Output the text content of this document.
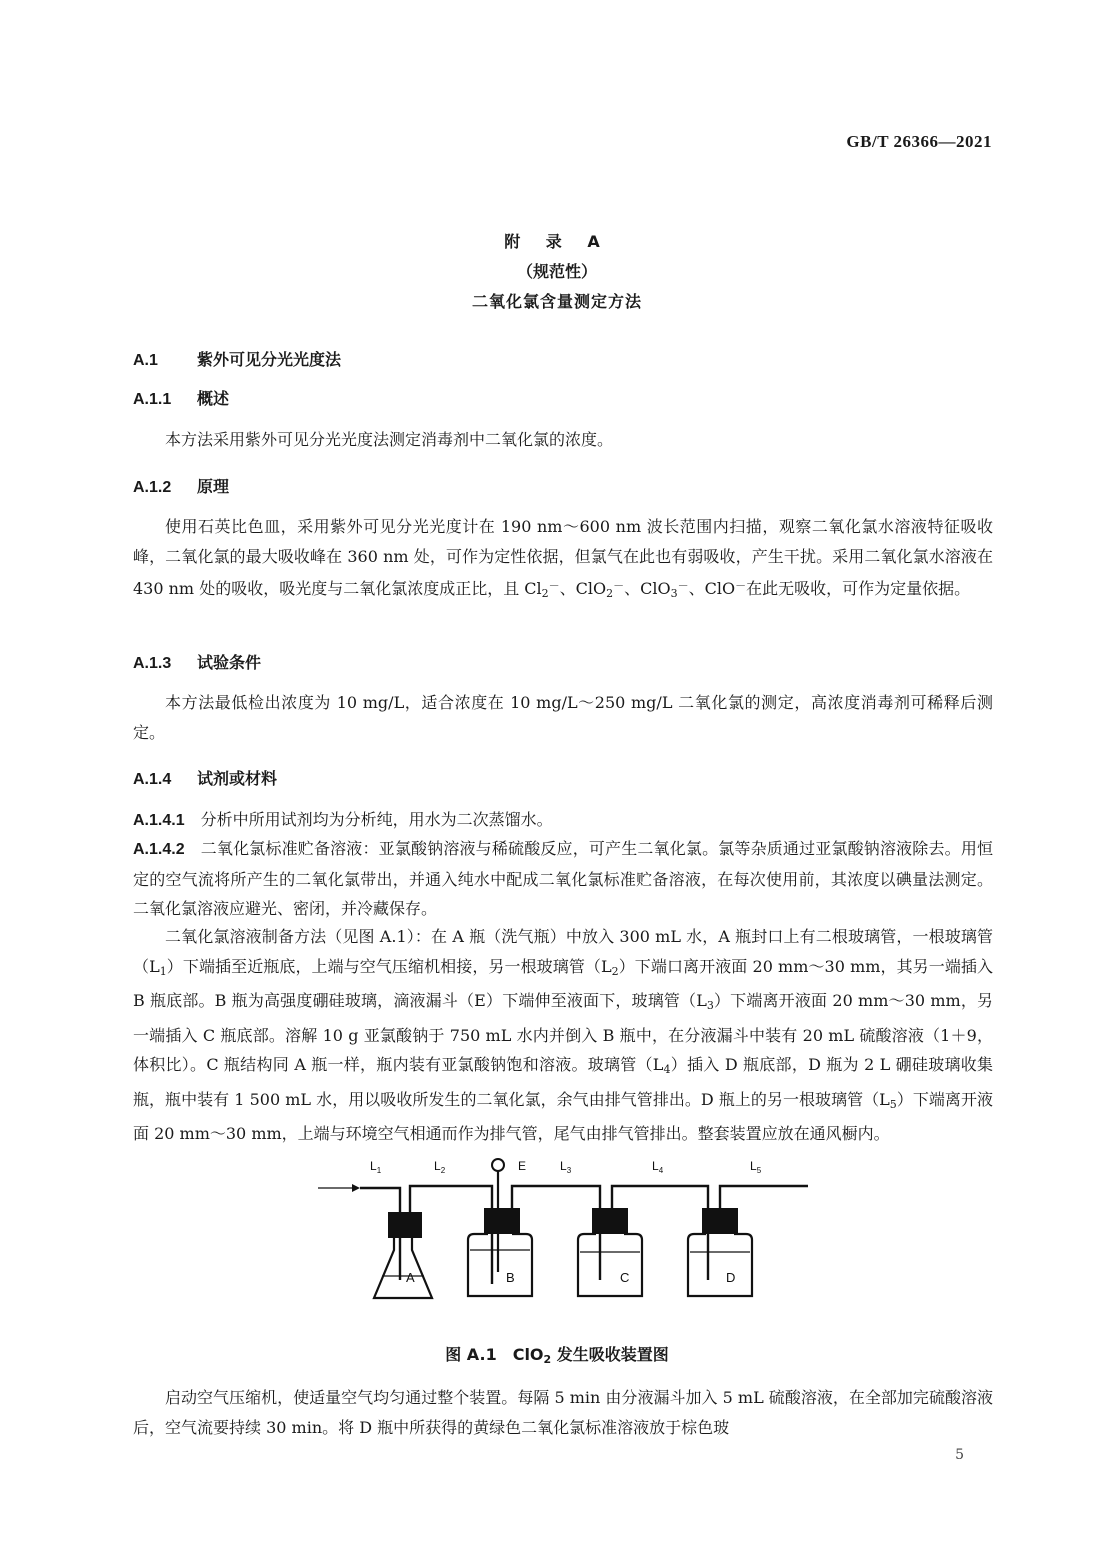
GB/T 26366—2021
附 录 A
（规范性）
二氧化氯含量测定方法
A.1 紫外可见分光光度法
A.1.1 概述

本方法采用紫外可见分光光度法测定消毒剂中二氧化氯的浓度。

A.1.2 原理

使用石英比色皿，采用紫外可见分光光度计在 190 nm～600 nm 波长范围内扫描，观察二氧化氯水溶液特征吸收峰，二氧化氯的最大吸收峰在 360 nm 处，可作为定性依据，但氯气在此也有弱吸收，产生干扰。采用二氧化氯水溶液在 430 nm 处的吸收，吸光度与二氧化氯浓度成正比，且 $Cl_2^-$、ClO$_2$－、ClO$_3$－、ClO－在此无吸收，可作为定量依据。

A.1.3 试验条件

本方法最低检出浓度为 10 mg/L，适合浓度在 10 mg/L～250 mg/L 二氧化氯的测定，高浓度消毒剂可稀释后测定。

A.1.4 试剂或材料

A.1.4.1 分析中所用试剂均为分析纯，用水为二次蒸馏水。

A.1.4.2 二氧化氯标准贮备溶液：亚氯酸钠溶液与稀硫酸反应，可产生二氧化氯。氯等杂质通过亚氯酸钠溶液除去。用恒定的空气流将所产生的二氧化氯带出，并通入纯水中配成二氧化氯标准贮备溶液，在每次使用前，其浓度以碘量法测定。二氧化氯溶液应避光、密闭，并冷藏保存。

二氧化氯溶液制备方法（见图 A.1）：在 A 瓶（洗气瓶）中放入 300 mL 水，A 瓶封口上有二根玻璃管，一根玻璃管$(L_1)$下端插至近瓶底，上端与空气压缩机相接，另一根玻璃管$(L_2)$下端口离开液面 20 mm～30 mm，其另一端插入 B 瓶底部。B 瓶为高强度硼硅玻璃，滴液漏斗（E）下端伸至液面下，玻璃管$(L_3)$下端离开液面 20 mm～30 mm，另一端插入 C 瓶底部。溶解 10 g 亚氯酸钠于 750 mL 水内并倒入 B 瓶中，在分液漏斗中装有 20 mL 硫酸溶液（1＋9，体积比）。C 瓶结构同 A 瓶一样，瓶内装有亚氯酸钠饱和溶液。玻璃管$(L_4)$插入 D 瓶底部，D 瓶为 2 L 硼硅玻璃收集瓶，瓶中装有 1 500 mL 水，用以吸收所发生的二氧化氯，余气由排气管排出。D 瓶上的另一根玻璃管$(L_5)$下端离开液面 20 mm～30 mm，上端与环境空气相通而作为排气管，尾气由排气管排出。整套装置应放在通风橱内。

$L_1$	$L_2$	E	$L_3$	$L_4$	$L_5$
A	B	C	D
图 A.1　ClO$_2$ 发生吸收装置图

启动空气压缩机，使适量空气均匀通过整个装置。每隔 5 min 由分液漏斗加入 5 mL 硫酸溶液，在全部加完硫酸溶液后，空气流要持续 30 min。将 D 瓶中所获得的黄绿色二氧化氯标准溶液放于棕色玻

5
